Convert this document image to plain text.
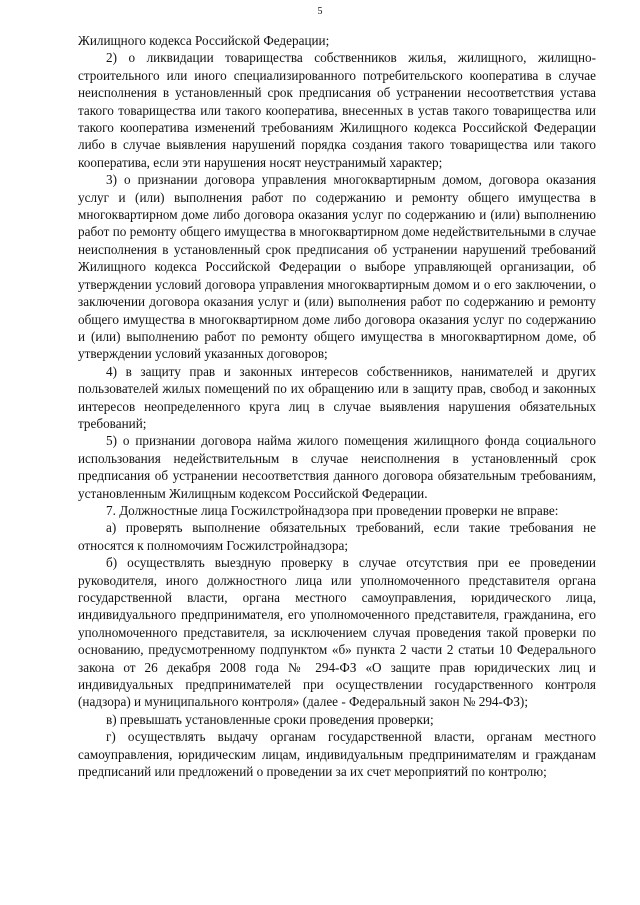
5

Жилищного кодекса Российской Федерации;

2) о ликвидации товарищества собственников жилья, жилищного, жилищно-строительного или иного специализированного потребительского кооператива в случае неисполнения в установленный срок предписания об устранении несоответствия устава такого товарищества или такого кооператива, внесенных в устав такого товарищества или такого кооператива изменений требованиям Жилищного кодекса Российской Федерации либо в случае выявления нарушений порядка создания такого товарищества или такого кооператива, если эти нарушения носят неустранимый характер;

3) о признании договора управления многоквартирным домом, договора оказания услуг и (или) выполнения работ по содержанию и ремонту общего имущества в многоквартирном доме либо договора оказания услуг по содержанию и (или) выполнению работ по ремонту общего имущества в многоквартирном доме недействительными в случае неисполнения в установленный срок предписания об устранении нарушений требований Жилищного кодекса Российской Федерации о выборе управляющей организации, об утверждении условий договора управления многоквартирным домом и о его заключении, о заключении договора оказания услуг и (или) выполнения работ по содержанию и ремонту общего имущества в многоквартирном доме либо договора оказания услуг по содержанию и (или) выполнению работ по ремонту общего имущества в многоквартирном доме, об утверждении условий указанных договоров;

4) в защиту прав и законных интересов собственников, нанимателей и других пользователей жилых помещений по их обращению или в защиту прав, свобод и законных интересов неопределенного круга лиц в случае выявления нарушения обязательных требований;

5) о признании договора найма жилого помещения жилищного фонда социального использования недействительным в случае неисполнения в установленный срок предписания об устранении несоответствия данного договора обязательным требованиям, установленным Жилищным кодексом Российской Федерации.

7. Должностные лица Госжилстройнадзора при проведении проверки не вправе:

а) проверять выполнение обязательных требований, если такие требования не относятся к полномочиям Госжилстройнадзора;

б) осуществлять выездную проверку в случае отсутствия при ее проведении руководителя, иного должностного лица или уполномоченного представителя органа государственной власти, органа местного самоуправления, юридического лица, индивидуального предпринимателя, его уполномоченного представителя, гражданина, его уполномоченного представителя, за исключением случая проведения такой проверки по основанию, предусмотренному подпунктом «б» пункта 2 части 2 статьи 10 Федерального закона от 26 декабря 2008 года № 294-ФЗ «О защите прав юридических лиц и индивидуальных предпринимателей при осуществлении государственного контроля (надзора) и муниципального контроля» (далее - Федеральный закон № 294-ФЗ);

в) превышать установленные сроки проведения проверки;

г) осуществлять выдачу органам государственной власти, органам местного самоуправления, юридическим лицам, индивидуальным предпринимателям и гражданам предписаний или предложений о проведении за их счет мероприятий по контролю;
